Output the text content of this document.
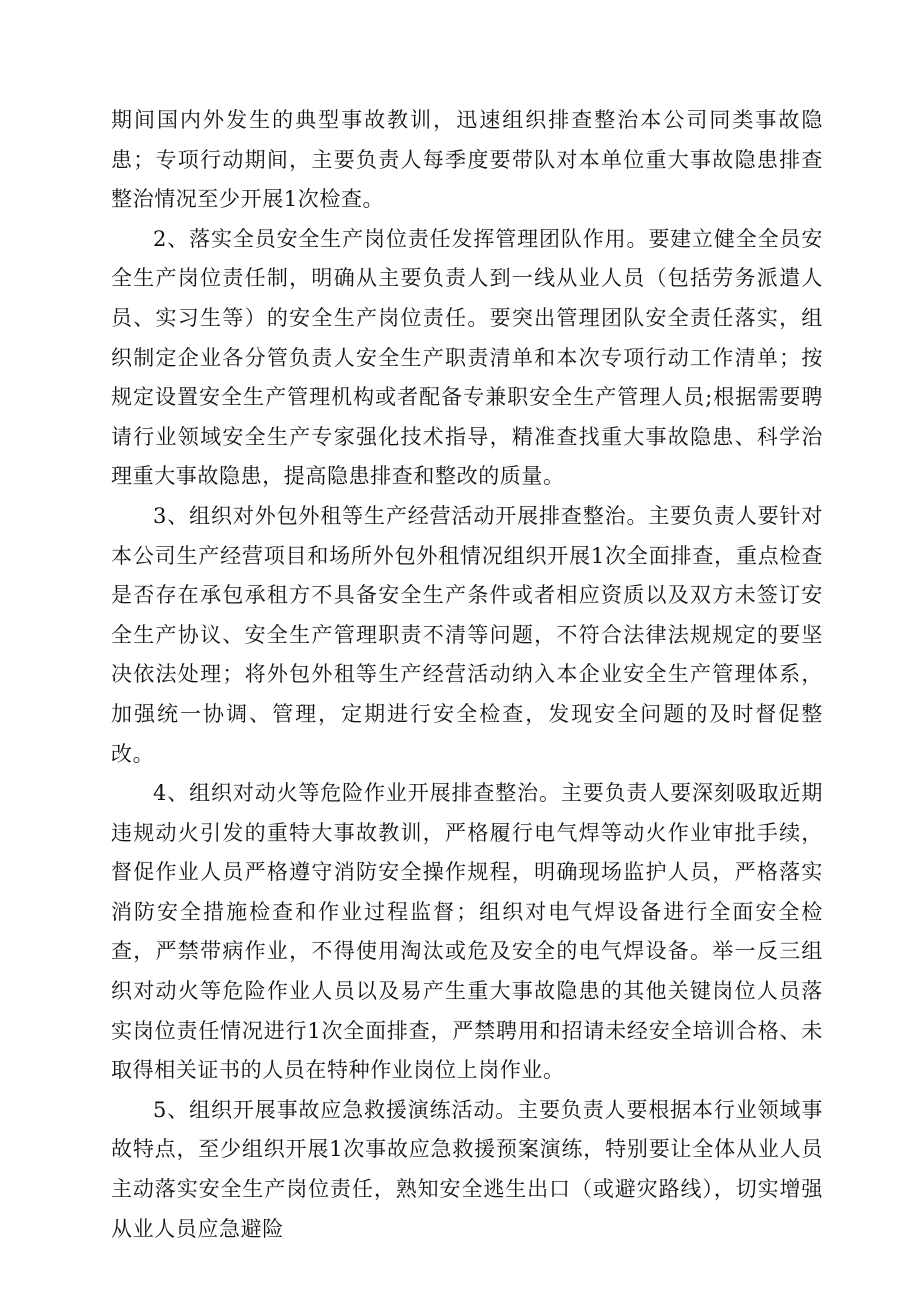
期间国内外发生的典型事故教训，迅速组织排查整治本公司同类事故隐患；专项行动期间，主要负责人每季度要带队对本单位重大事故隐患排查整治情况至少开展1次检查。

2、落实全员安全生产岗位责任发挥管理团队作用。要建立健全全员安全生产岗位责任制，明确从主要负责人到一线从业人员（包括劳务派遣人员、实习生等）的安全生产岗位责任。要突出管理团队安全责任落实，组织制定企业各分管负责人安全生产职责清单和本次专项行动工作清单；按规定设置安全生产管理机构或者配备专兼职安全生产管理人员;根据需要聘请行业领域安全生产专家强化技术指导，精准查找重大事故隐患、科学治理重大事故隐患，提高隐患排查和整改的质量。

3、组织对外包外租等生产经营活动开展排查整治。主要负责人要针对本公司生产经营项目和场所外包外租情况组织开展1次全面排查，重点检查是否存在承包承租方不具备安全生产条件或者相应资质以及双方未签订安全生产协议、安全生产管理职责不清等问题，不符合法律法规规定的要坚决依法处理；将外包外租等生产经营活动纳入本企业安全生产管理体系，加强统一协调、管理，定期进行安全检查，发现安全问题的及时督促整改。

4、组织对动火等危险作业开展排查整治。主要负责人要深刻吸取近期违规动火引发的重特大事故教训，严格履行电气焊等动火作业审批手续，督促作业人员严格遵守消防安全操作规程，明确现场监护人员，严格落实消防安全措施检查和作业过程监督；组织对电气焊设备进行全面安全检查，严禁带病作业，不得使用淘汰或危及安全的电气焊设备。举一反三组织对动火等危险作业人员以及易产生重大事故隐患的其他关键岗位人员落实岗位责任情况进行1次全面排查，严禁聘用和招请未经安全培训合格、未取得相关证书的人员在特种作业岗位上岗作业。

5、组织开展事故应急救援演练活动。主要负责人要根据本行业领域事故特点，至少组织开展1次事故应急救援预案演练，特别要让全体从业人员主动落实安全生产岗位责任，熟知安全逃生出口（或避灾路线），切实增强从业人员应急避险
